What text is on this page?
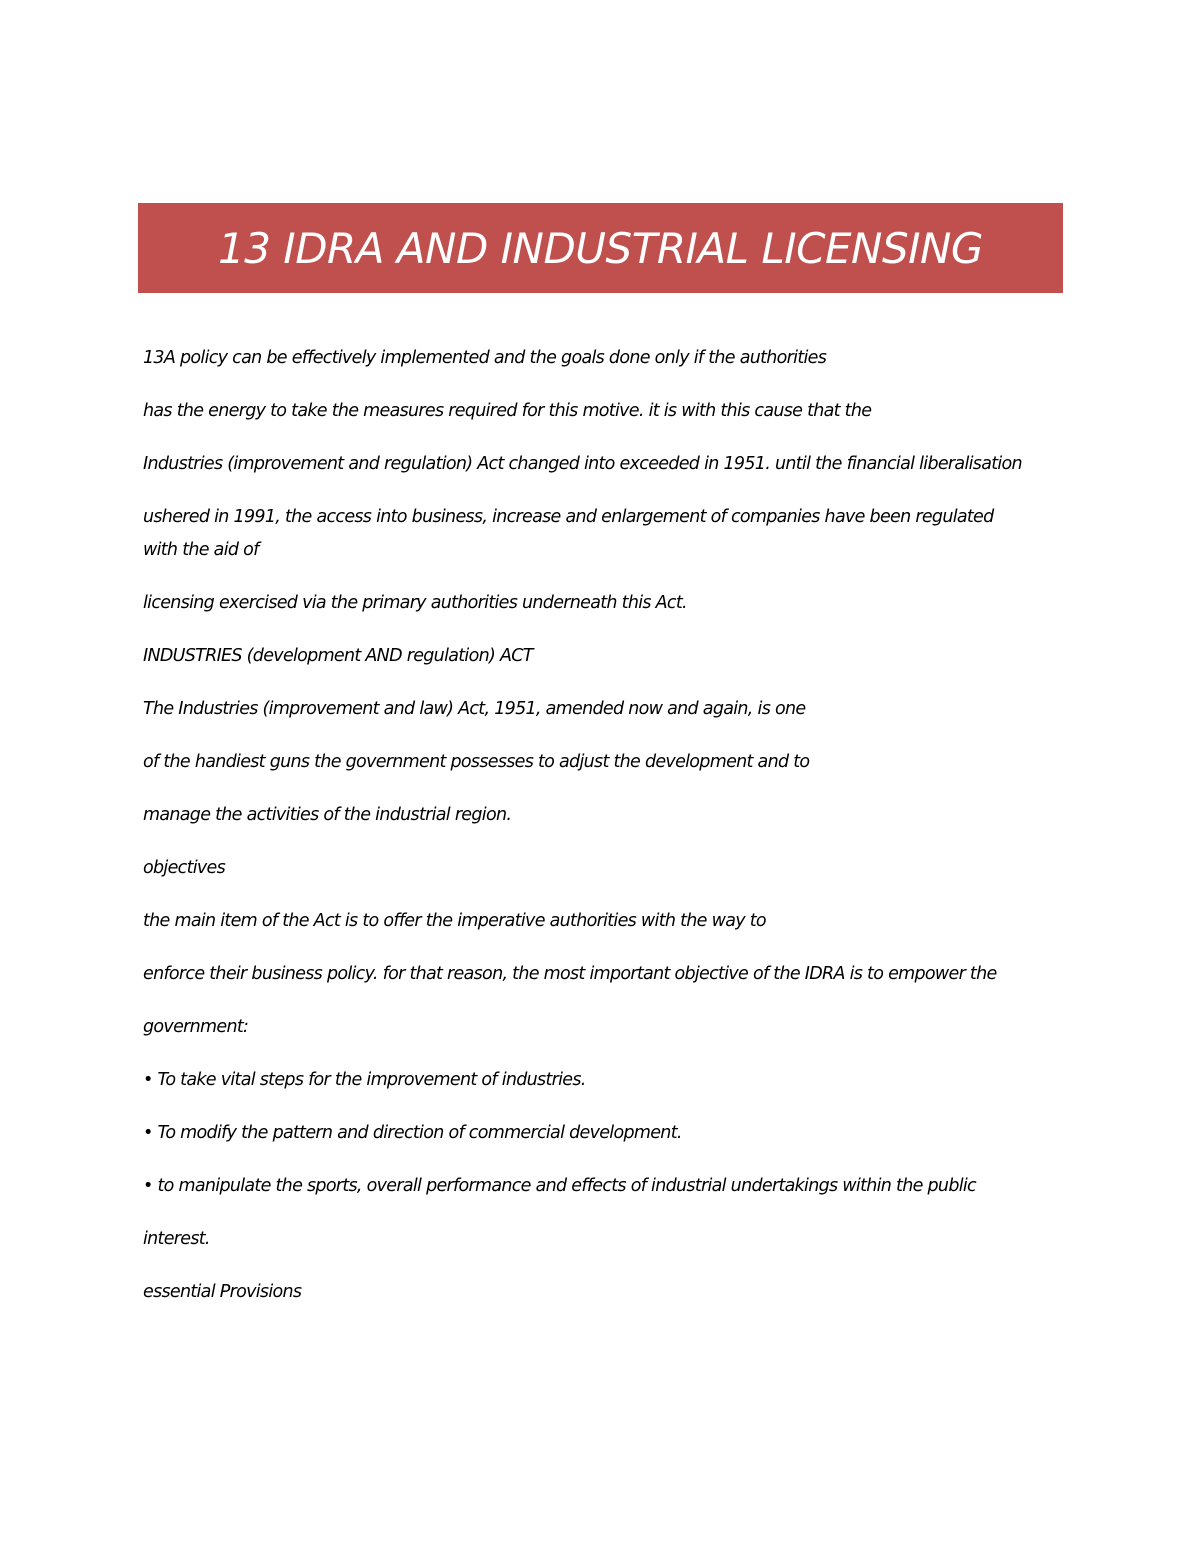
13 IDRA AND INDUSTRIAL LICENSING

13A policy can be effectively implemented and the goals done only if the authorities

has the energy to take the measures required for this motive. it is with this cause that the

Industries (improvement and regulation) Act changed into exceeded in 1951. until the financial liberalisation

ushered in 1991, the access into business, increase and enlargement of companies have been regulated with the aid of

licensing exercised via the primary authorities underneath this Act.

INDUSTRIES (development AND regulation) ACT

The Industries (improvement and law) Act, 1951, amended now and again, is one

of the handiest guns the government possesses to adjust the development and to

manage the activities of the industrial region.

objectives

the main item of the Act is to offer the imperative authorities with the way to

enforce their business policy. for that reason, the most important objective of the IDRA is to empower the

government:

• To take vital steps for the improvement of industries.

• To modify the pattern and direction of commercial development.

• to manipulate the sports, overall performance and effects of industrial undertakings within the public

interest.

essential Provisions
